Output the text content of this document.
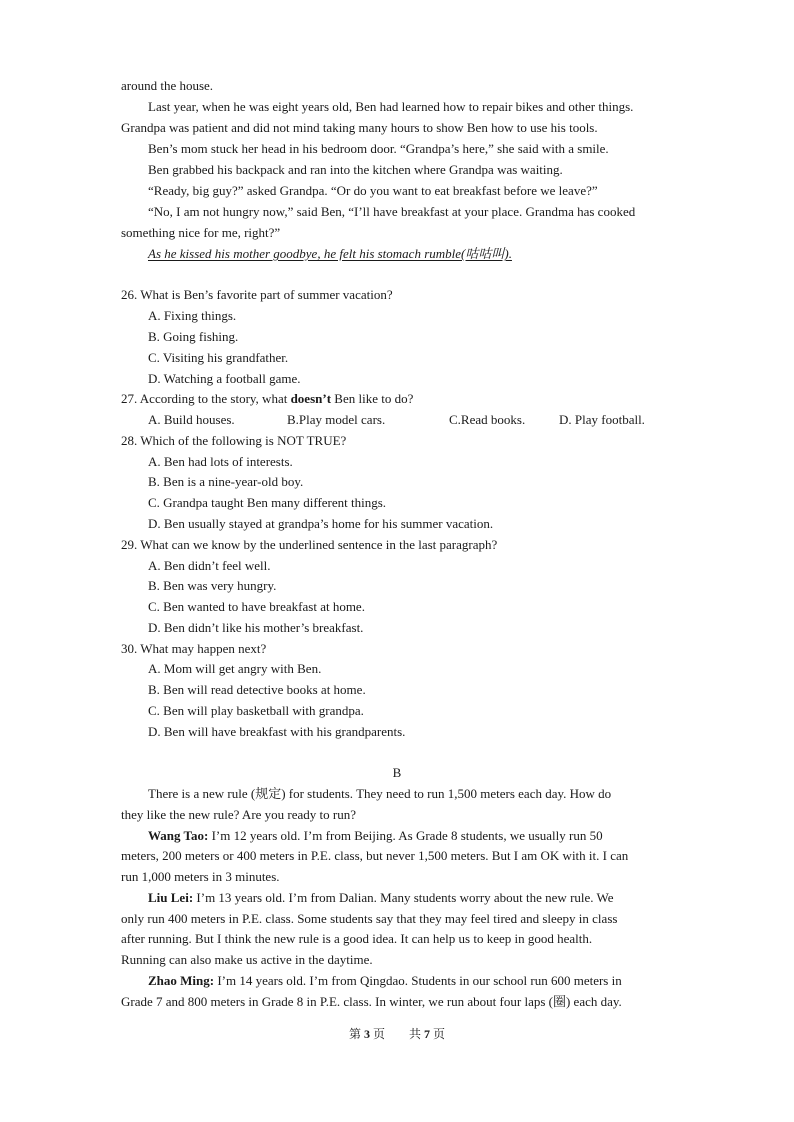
around the house.
Last year, when he was eight years old, Ben had learned how to repair bikes and other things.
Grandpa was patient and did not mind taking many hours to show Ben how to use his tools.
Ben’s mom stuck her head in his bedroom door. “Grandpa’s here,” she said with a smile.
Ben grabbed his backpack and ran into the kitchen where Grandpa was waiting.
“Ready, big guy?” asked Grandpa. “Or do you want to eat breakfast before we leave?”
“No, I am not hungry now,” said Ben, “I’ll have breakfast at your place. Grandma has cooked
something nice for me, right?”
As he kissed his mother goodbye, he felt his stomach rumble(咕咕叫).
26. What is Ben’s favorite part of summer vacation?
A. Fixing things.
B. Going fishing.
C. Visiting his grandfather.
D. Watching a football game.
27. According to the story, what doesn’t Ben like to do?
A. Build houses.	B.Play model cars.	C.Read books.	D. Play football.
28. Which of the following is NOT TRUE?
A. Ben had lots of interests.
B. Ben is a nine-year-old boy.
C. Grandpa taught Ben many different things.
D. Ben usually stayed at grandpa’s home for his summer vacation.
29. What can we know by the underlined sentence in the last paragraph?
A. Ben didn’t feel well.
B. Ben was very hungry.
C. Ben wanted to have breakfast at home.
D. Ben didn’t like his mother’s breakfast.
30. What may happen next?
A. Mom will get angry with Ben.
B. Ben will read detective books at home.
C. Ben will play basketball with grandpa.
D. Ben will have breakfast with his grandparents.
B
There is a new rule (规定) for students. They need to run 1,500 meters each day. How do
they like the new rule? Are you ready to run?
Wang Tao: I’m 12 years old. I’m from Beijing. As Grade 8 students, we usually run 50
meters, 200 meters or 400 meters in P.E. class, but never 1,500 meters. But I am OK with it. I can
run 1,000 meters in 3 minutes.
Liu Lei: I’m 13 years old. I’m from Dalian. Many students worry about the new rule. We
only run 400 meters in P.E. class. Some students say that they may feel tired and sleepy in class
after running. But I think the new rule is a good idea. It can help us to keep in good health.
Running can also make us active in the daytime.
Zhao Ming: I’m 14 years old. I’m from Qingdao. Students in our school run 600 meters in
Grade 7 and 800 meters in Grade 8 in P.E. class. In winter, we run about four laps (圈) each day.
第 3 页　　共 7 页
